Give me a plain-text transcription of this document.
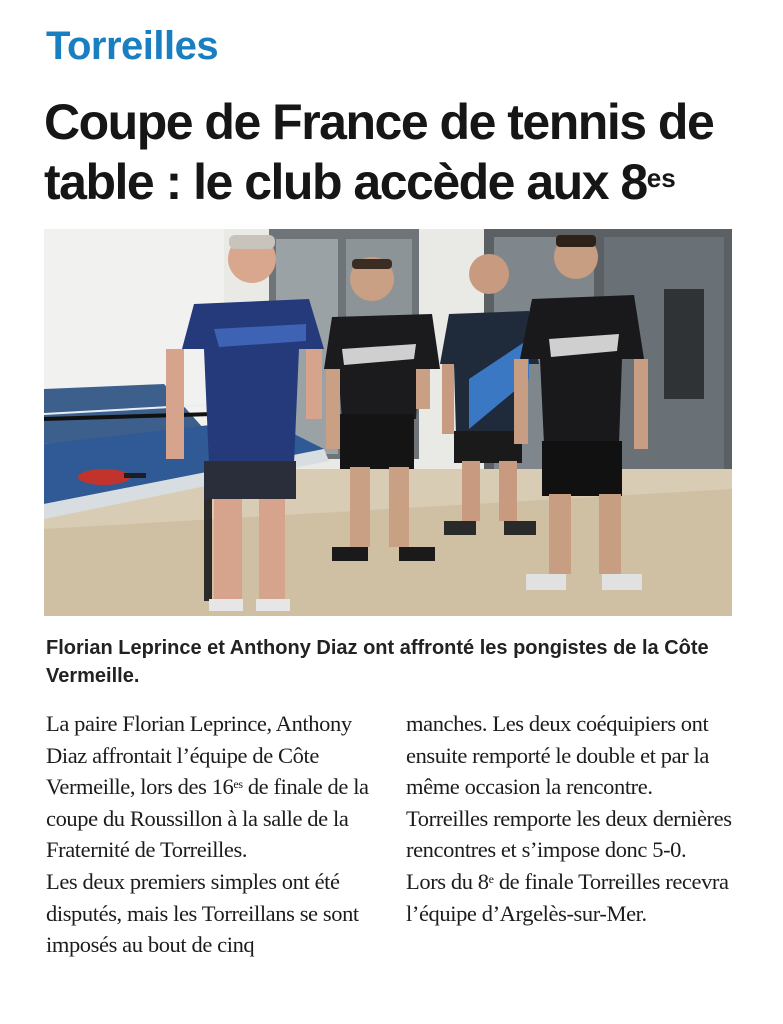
Torreilles
Coupe de France de tennis de table : le club accède aux $8^{es}$
Florian Leprince et Anthony Diaz ont affronté les pongistes de la Côte Vermeille.

La paire Florian Leprince, Anthony Diaz affrontait l’équipe de Côte Vermeille, lors des $16^{es}$ de finale de la coupe du Roussillon à la salle de la Fraternité de Torreilles.

Les deux premiers simples ont été disputés, mais les Torreillans se sont imposés au bout de cinq

manches. Les deux coéquipiers ont ensuite remporté le double et par la même occasion la rencontre. Torreilles remporte les deux dernières rencontres et s’impose donc 5-0.

Lors du 8e de finale Torreilles recevra l’équipe d’Argelès-sur-Mer.
